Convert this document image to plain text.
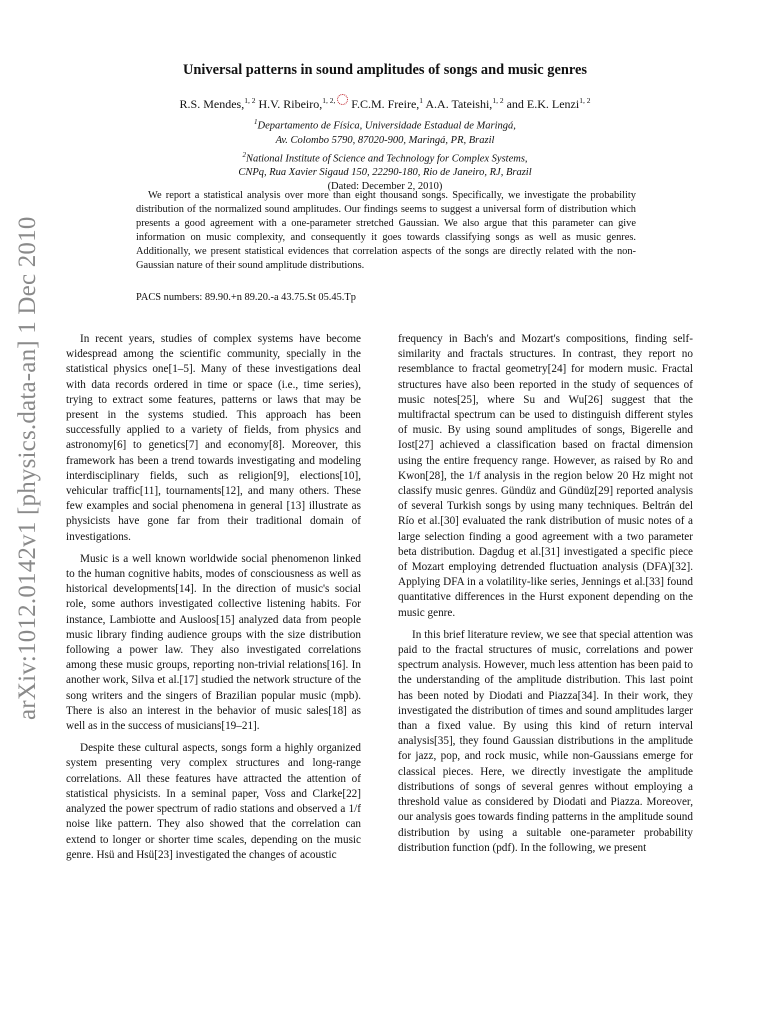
arXiv:1012.0142v1 [physics.data-an] 1 Dec 2010
Universal patterns in sound amplitudes of songs and music genres
R.S. Mendes,$^{1, 2}$ H.V. Ribeiro,$^{1, 2,}$  F.C.M. Freire,$^1$ A.A. Tateishi,$^{1, 2}$ and E.K. Lenzi$^{1, 2}$
$^1$Departamento de Física, Universidade Estadual de Maringá,
Av. Colombo 5790, 87020-900, Maringá, PR, Brazil
$^2$National Institute of Science and Technology for Complex Systems,
CNPq, Rua Xavier Sigaud 150, 22290-180, Rio de Janeiro, RJ, Brazil
(Dated: December 2, 2010)
We report a statistical analysis over more than eight thousand songs. Specifically, we investigate the probability distribution of the normalized sound amplitudes. Our findings seems to suggest a universal form of distribution which presents a good agreement with a one-parameter stretched Gaussian. We also argue that this parameter can give information on music complexity, and consequently it goes towards classifying songs as well as music genres. Additionally, we present statistical evidences that correlation aspects of the songs are directly related with the non-Gaussian nature of their sound amplitude distributions.
PACS numbers: 89.90.+n 89.20.-a 43.75.St 05.45.Tp

In recent years, studies of complex systems have become widespread among the scientific community, specially in the statistical physics one[1–5]. Many of these investigations deal with data records ordered in time or space (i.e., time series), trying to extract some features, patterns or laws that may be present in the systems studied. This approach has been successfully applied to a variety of fields, from physics and astronomy[6] to genetics[7] and economy[8]. Moreover, this framework has been a trend towards investigating and modeling interdisciplinary fields, such as religion[9], elections[10], vehicular traffic[11], tournaments[12], and many others. These few examples and social phenomena in general [13] illustrate as physicists have gone far from their traditional domain of investigations.

Music is a well known worldwide social phenomenon linked to the human cognitive habits, modes of consciousness as well as historical developments[14]. In the direction of music's social role, some authors investigated collective listening habits. For instance, Lambiotte and Ausloos[15] analyzed data from people music library finding audience groups with the size distribution following a power law. They also investigated correlations among these music groups, reporting non-trivial relations[16]. In another work, Silva et al.[17] studied the network structure of the song writers and the singers of Brazilian popular music (mpb). There is also an interest in the behavior of music sales[18] as well as in the success of musicians[19–21].

Despite these cultural aspects, songs form a highly organized system presenting very complex structures and long-range correlations. All these features have attracted the attention of statistical physicists. In a seminal paper, Voss and Clarke[22] analyzed the power spectrum of radio stations and observed a 1/f noise like pattern. They also showed that the correlation can extend to longer or shorter time scales, depending on the music genre. Hsü and Hsü[23] investigated the changes of acoustic

frequency in Bach's and Mozart's compositions, finding self-similarity and fractals structures. In contrast, they report no resemblance to fractal geometry[24] for modern music. Fractal structures have also been reported in the study of sequences of music notes[25], where Su and Wu[26] suggest that the multifractal spectrum can be used to distinguish different styles of music. By using sound amplitudes of songs, Bigerelle and Iost[27] achieved a classification based on fractal dimension using the entire frequency range. However, as raised by Ro and Kwon[28], the 1/f analysis in the region below 20 Hz might not classify music genres. Gündüz and Gündüz[29] reported analysis of several Turkish songs by using many techniques. Beltrán del Río et al.[30] evaluated the rank distribution of music notes of a large selection finding a good agreement with a two parameter beta distribution. Dagdug et al.[31] investigated a specific piece of Mozart employing detrended fluctuation analysis (DFA)[32]. Applying DFA in a volatility-like series, Jennings et al.[33] found quantitative differences in the Hurst exponent depending on the music genre.

In this brief literature review, we see that special attention was paid to the fractal structures of music, correlations and power spectrum analysis. However, much less attention has been paid to the understanding of the amplitude distribution. This last point has been noted by Diodati and Piazza[34]. In their work, they investigated the distribution of times and sound amplitudes larger than a fixed value. By using this kind of return interval analysis[35], they found Gaussian distributions in the amplitude for jazz, pop, and rock music, while non-Gaussians emerge for classical pieces. Here, we directly investigate the amplitude distributions of songs of several genres without employing a threshold value as considered by Diodati and Piazza. Moreover, our analysis goes towards finding patterns in the amplitude sound distribution by using a suitable one-parameter probability distribution function (pdf). In the following, we present
